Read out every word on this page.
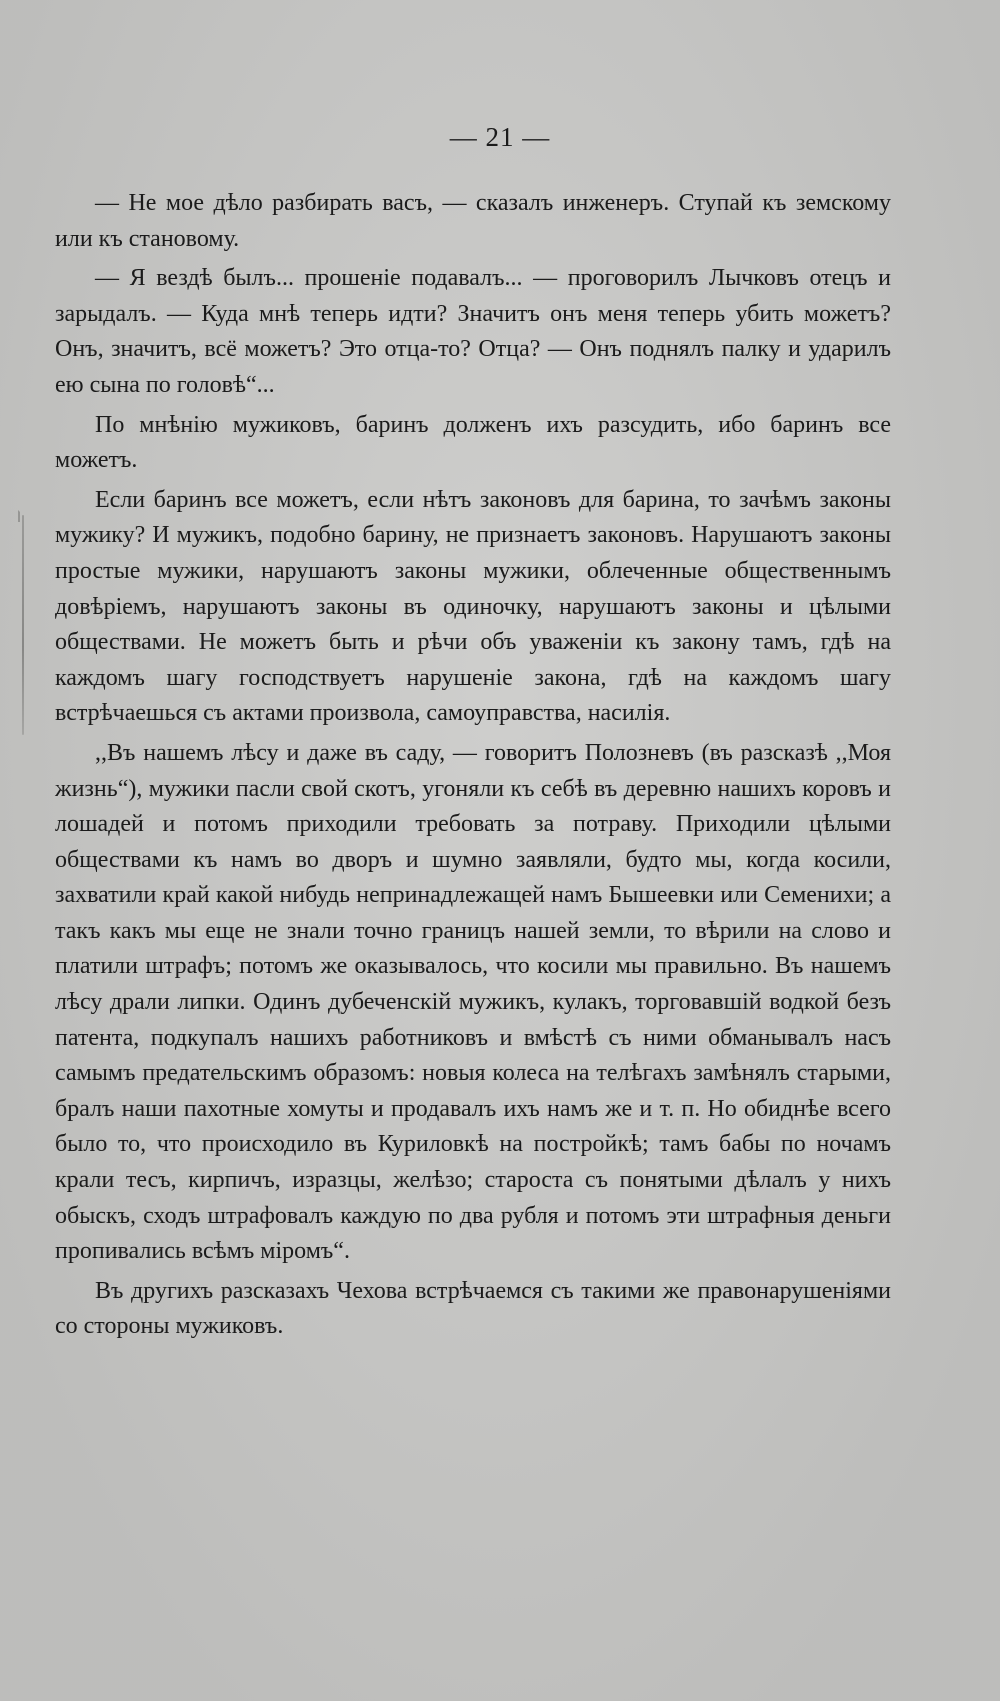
— 21 —

— Не мое дѣло разбирать васъ, — сказалъ инженеръ. Ступай къ земскому или къ становому.

— Я вездѣ былъ... прошеніе подавалъ... — проговорилъ Лычковъ отецъ и зарыдалъ. — Куда мнѣ теперь идти? Значитъ онъ меня теперь убить можетъ? Онъ, значитъ, всё можетъ? Это отца-то? Отца? — Онъ поднялъ палку и ударилъ ею сына по головѣ“...

По мнѣнію мужиковъ, баринъ долженъ ихъ разсудить, ибо баринъ все можетъ.

Если баринъ все можетъ, если нѣтъ законовъ для барина, то зачѣмъ законы мужику? И мужикъ, подобно барину, не признаетъ законовъ. Нарушаютъ законы простые мужики, нарушаютъ законы мужики, облеченные общественнымъ довѣріемъ, нарушаютъ законы въ одиночку, нарушаютъ законы и цѣлыми обществами. Не можетъ быть и рѣчи объ уваженіи къ закону тамъ, гдѣ на каждомъ шагу господствуетъ нарушеніе закона, гдѣ на каждомъ шагу встрѣчаешься съ актами произвола, самоуправства, насилія.

,,Въ нашемъ лѣсу и даже въ саду, — говоритъ Полозневъ (въ разсказѣ ,,Моя жизнь“), мужики пасли свой скотъ, угоняли къ себѣ въ деревню нашихъ коровъ и лошадей и потомъ приходили требовать за потраву. Приходили цѣлыми обществами къ намъ во дворъ и шумно заявляли, будто мы, когда косили, захватили край какой нибудь непринадлежащей намъ Бышеевки или Семенихи; а такъ какъ мы еще не знали точно границъ нашей земли, то вѣрили на слово и платили штрафъ; потомъ же оказывалось, что косили мы правильно. Въ нашемъ лѣсу драли липки. Одинъ дубеченскій мужикъ, кулакъ, торговавшій водкой безъ патента, подкупалъ нашихъ работниковъ и вмѣстѣ съ ними обманывалъ насъ самымъ предательскимъ образомъ: новыя колеса на телѣгахъ замѣнялъ старыми, бралъ наши пахотные хомуты и продавалъ ихъ намъ же и т. п. Но обиднѣе всего было то, что происходило въ Куриловкѣ на постройкѣ; тамъ бабы по ночамъ крали тесъ, кирпичъ, изразцы, желѣзо; староста съ понятыми дѣлалъ у нихъ обыскъ, сходъ штрафовалъ каждую по два рубля и потомъ эти штрафныя деньги пропивались всѣмъ міромъ“.

Въ другихъ разсказахъ Чехова встрѣчаемся съ такими же правонарушеніями со стороны мужиковъ.
